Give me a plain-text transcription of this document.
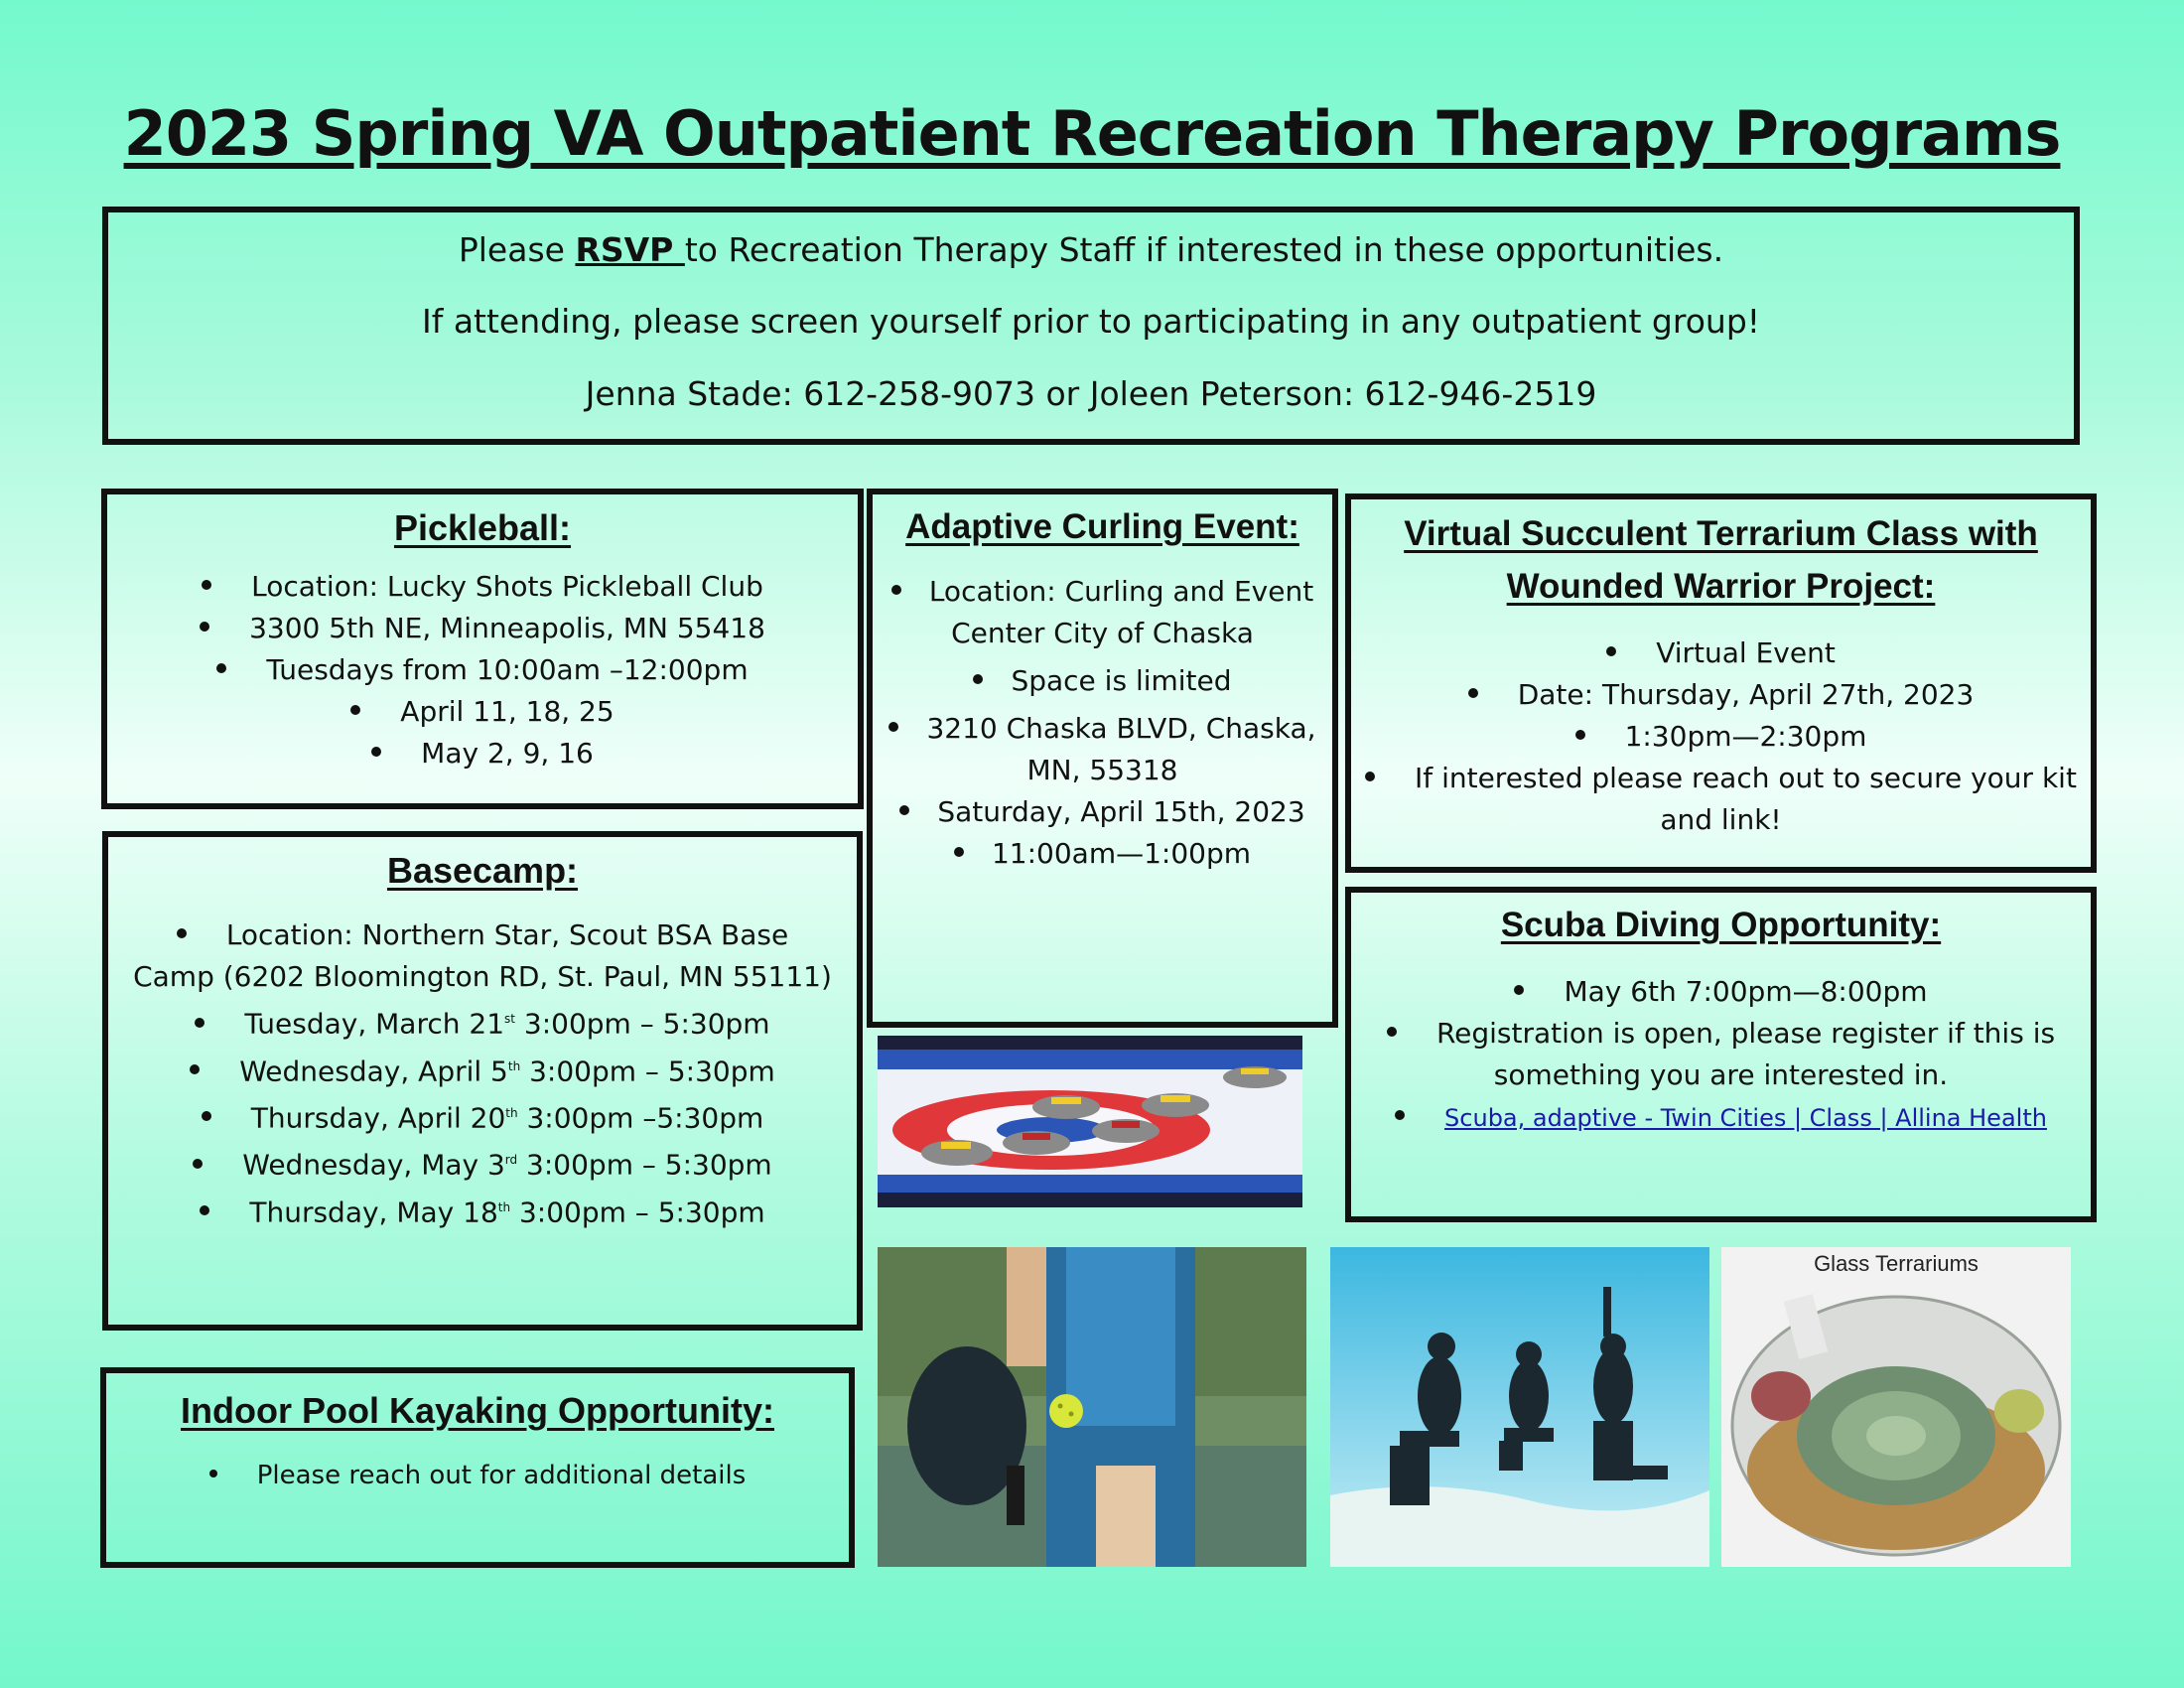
2023 Spring VA Outpatient Recreation Therapy Programs

Please RSVP to Recreation Therapy Staff if interested in these opportunities.

If attending, please screen yourself prior to participating in any outpatient group!

Jenna Stade: 612-258-9073 or Joleen Peterson: 612-946-2519

Pickleball:
Location: Lucky Shots Pickleball Club
3300 5th NE, Minneapolis, MN 55418
Tuesdays from 10:00am –12:00pm
April 11, 18, 25
May 2, 9, 16
Basecamp:
Location: Northern Star, Scout BSA Base
Camp (6202 Bloomington RD, St. Paul, MN 55111)
Tuesday, March 21st 3:00pm – 5:30pm
Wednesday, April 5th 3:00pm – 5:30pm
Thursday, April 20th 3:00pm –5:30pm
Wednesday, May 3rd 3:00pm – 5:30pm
Thursday, May 18th 3:00pm – 5:30pm
Indoor Pool Kayaking Opportunity:
Please reach out for additional details
Adaptive Curling Event:
Location: Curling and Event
Center City of Chaska
Space is limited
3210 Chaska BLVD, Chaska,
MN, 55318
Saturday, April 15th, 2023
11:00am—1:00pm
Virtual Succulent Terrarium Class with
Wounded Warrior Project:
Virtual Event
Date: Thursday, April 27th, 2023
1:30pm—2:30pm
If interested please reach out to secure your kit
and link!
Scuba Diving Opportunity:
May 6th 7:00pm—8:00pm
Registration is open, please register if this is
something you are interested in.
Scuba, adaptive - Twin Cities | Class | Allina Health
Glass Terrariums
